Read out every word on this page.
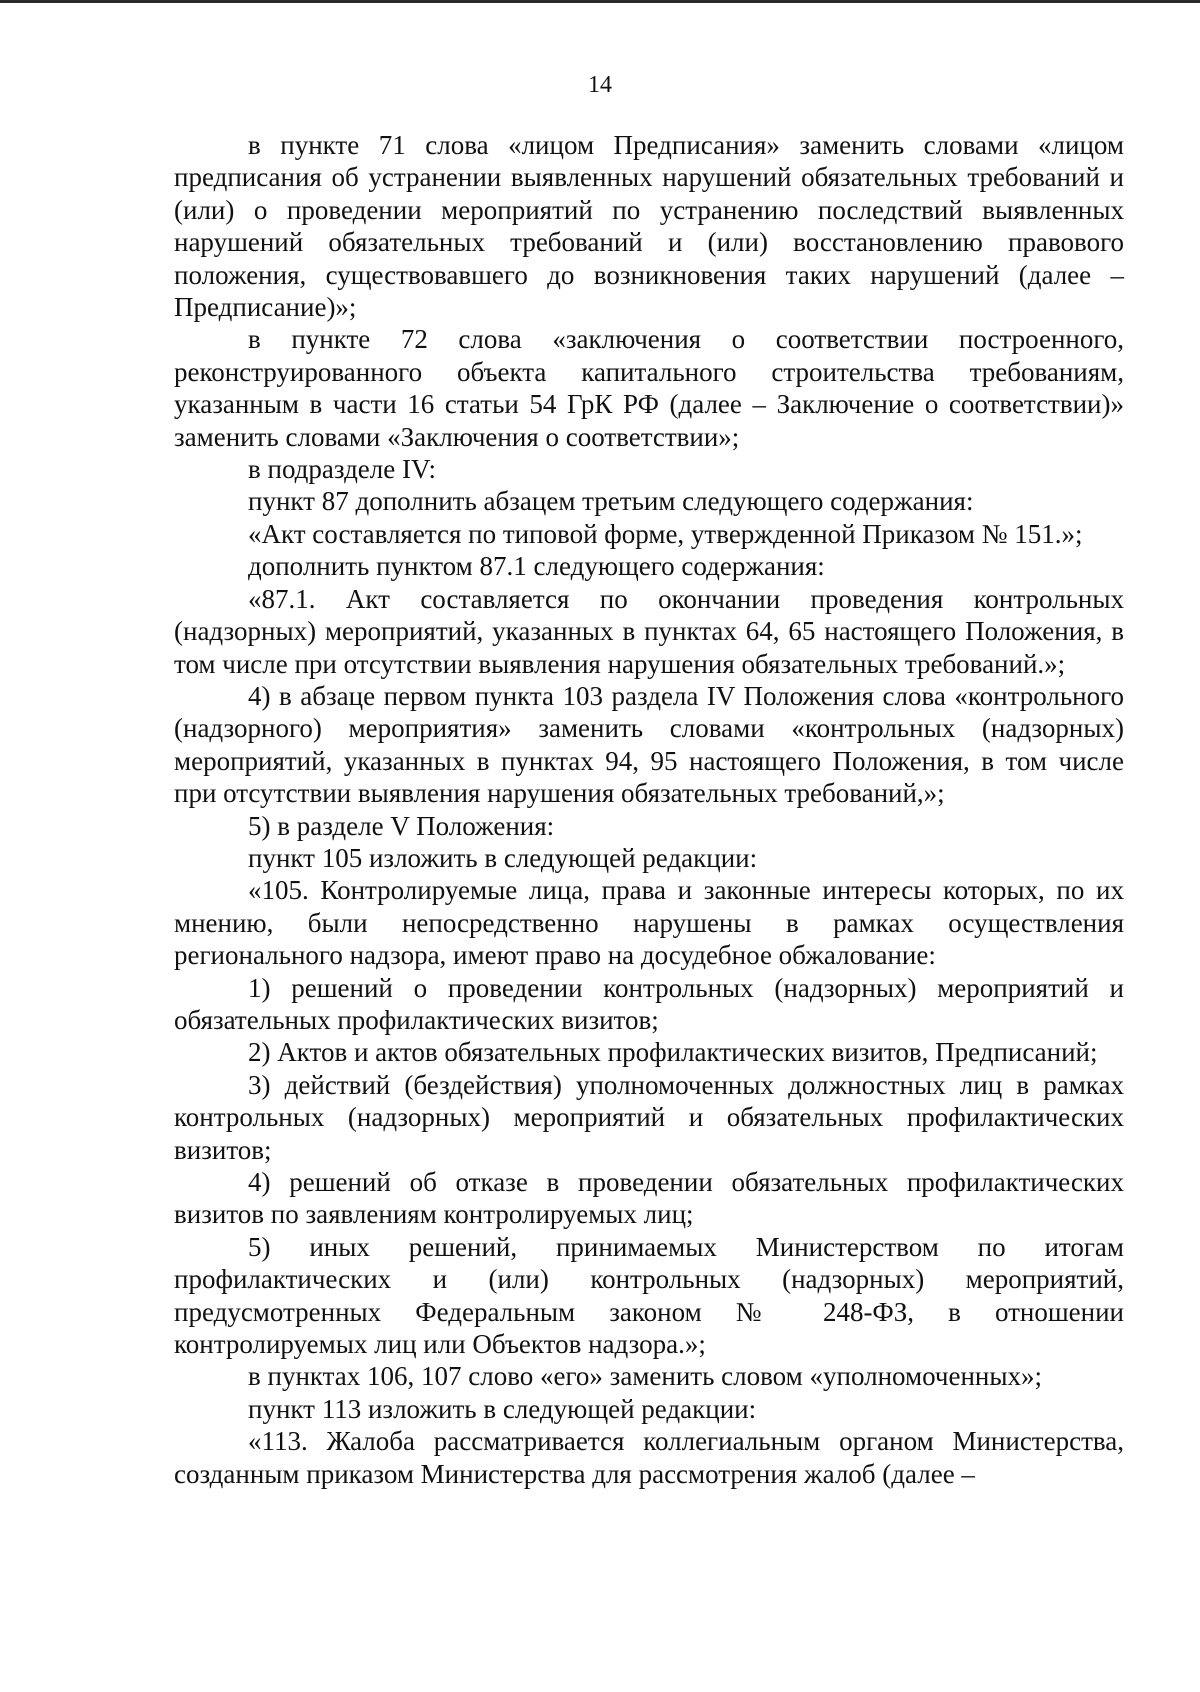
14

в пункте 71 слова «лицом Предписания» заменить словами «лицом предписания об устранении выявленных нарушений обязательных требований и (или) о проведении мероприятий по устранению последствий выявленных нарушений обязательных требований и (или) восстановлению правового положения, существовавшего до возникновения таких нарушений (далее – Предписание)»;

в пункте 72 слова «заключения о соответствии построенного, реконструированного объекта капитального строительства требованиям, указанным в части 16 статьи 54 ГрК РФ (далее – Заключение о соответствии)» заменить словами «Заключения о соответствии»;

в подразделе IV:

пункт 87 дополнить абзацем третьим следующего содержания:

«Акт составляется по типовой форме, утвержденной Приказом № 151.»;

дополнить пунктом 87.1 следующего содержания:

«87.1. Акт составляется по окончании проведения контрольных (надзорных) мероприятий, указанных в пунктах 64, 65 настоящего Положения, в том числе при отсутствии выявления нарушения обязательных требований.»;

4) в абзаце первом пункта 103 раздела IV Положения слова «контрольного (надзорного) мероприятия» заменить словами «контрольных (надзорных) мероприятий, указанных в пунктах 94, 95 настоящего Положения, в том числе при отсутствии выявления нарушения обязательных требований,»;

5) в разделе V Положения:

пункт 105 изложить в следующей редакции:

«105. Контролируемые лица, права и законные интересы которых, по их мнению, были непосредственно нарушены в рамках осуществления регионального надзора, имеют право на досудебное обжалование:

1) решений о проведении контрольных (надзорных) мероприятий и обязательных профилактических визитов;

2) Актов и актов обязательных профилактических визитов, Предписаний;

3) действий (бездействия) уполномоченных должностных лиц в рамках контрольных (надзорных) мероприятий и обязательных профилактических визитов;

4) решений об отказе в проведении обязательных профилактических визитов по заявлениям контролируемых лиц;

5) иных решений, принимаемых Министерством по итогам профилактических и (или) контрольных (надзорных) мероприятий, предусмотренных Федеральным законом № 248-ФЗ, в отношении контролируемых лиц или Объектов надзора.»;

в пунктах 106, 107 слово «его» заменить словом «уполномоченных»;

пункт 113 изложить в следующей редакции:

«113. Жалоба рассматривается коллегиальным органом Министерства, созданным приказом Министерства для рассмотрения жалоб (далее –
